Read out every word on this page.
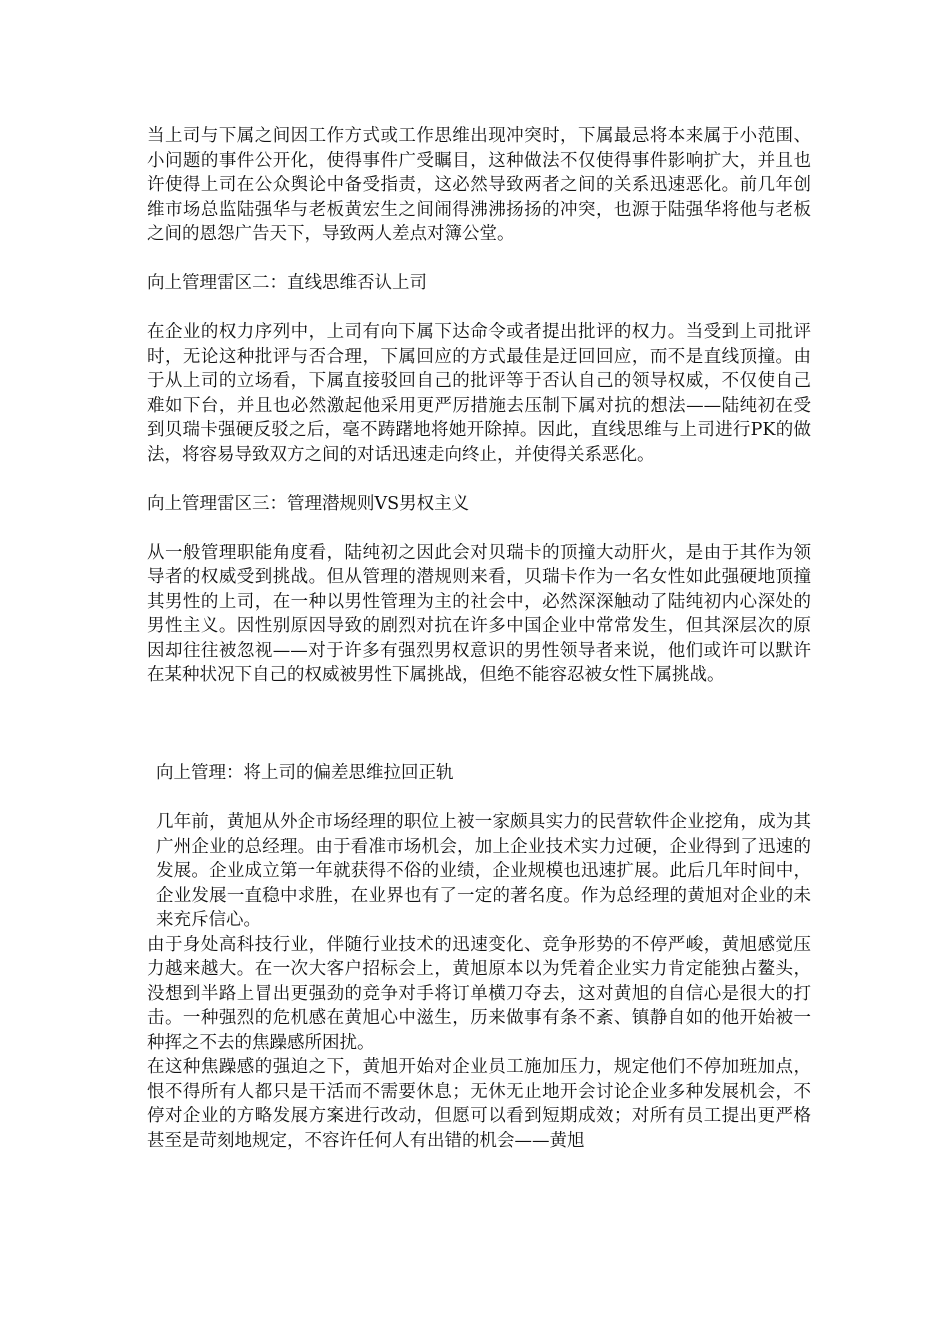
当上司与下属之间因工作方式或工作思维出现冲突时，下属最忌将本来属于小范围、小问题的事件公开化，使得事件广受瞩目，这种做法不仅使得事件影响扩大，并且也许使得上司在公众舆论中备受指责，这必然导致两者之间的关系迅速恶化。前几年创维市场总监陆强华与老板黄宏生之间闹得沸沸扬扬的冲突，也源于陆强华将他与老板之间的恩怨广告天下，导致两人差点对簿公堂。

向上管理雷区二：直线思维否认上司

在企业的权力序列中，上司有向下属下达命令或者提出批评的权力。当受到上司批评时，无论这种批评与否合理，下属回应的方式最佳是迂回回应，而不是直线顶撞。由于从上司的立场看，下属直接驳回自己的批评等于否认自己的领导权威，不仅使自己难如下台，并且也必然激起他采用更严厉措施去压制下属对抗的想法——陆纯初在受到贝瑞卡强硬反驳之后，毫不踌躇地将她开除掉。因此，直线思维与上司进行PK的做法，将容易导致双方之间的对话迅速走向终止，并使得关系恶化。

向上管理雷区三：管理潜规则VS男权主义

从一般管理职能角度看，陆纯初之因此会对贝瑞卡的顶撞大动肝火，是由于其作为领导者的权威受到挑战。但从管理的潜规则来看，贝瑞卡作为一名女性如此强硬地顶撞其男性的上司，在一种以男性管理为主的社会中，必然深深触动了陆纯初内心深处的男性主义。因性别原因导致的剧烈对抗在许多中国企业中常常发生，但其深层次的原因却往往被忽视——对于许多有强烈男权意识的男性领导者来说，他们或许可以默许在某种状况下自己的权威被男性下属挑战，但绝不能容忍被女性下属挑战。

向上管理：将上司的偏差思维拉回正轨

几年前，黄旭从外企市场经理的职位上被一家颇具实力的民营软件企业挖角，成为其广州企业的总经理。由于看准市场机会，加上企业技术实力过硬，企业得到了迅速的发展。企业成立第一年就获得不俗的业绩，企业规模也迅速扩展。此后几年时间中，企业发展一直稳中求胜，在业界也有了一定的著名度。作为总经理的黄旭对企业的未来充斥信心。

由于身处高科技行业，伴随行业技术的迅速变化、竞争形势的不停严峻，黄旭感觉压力越来越大。在一次大客户招标会上，黄旭原本以为凭着企业实力肯定能独占鳌头，没想到半路上冒出更强劲的竞争对手将订单横刀夺去，这对黄旭的自信心是很大的打击。一种强烈的危机感在黄旭心中滋生，历来做事有条不紊、镇静自如的他开始被一种挥之不去的焦躁感所困扰。

在这种焦躁感的强迫之下，黄旭开始对企业员工施加压力，规定他们不停加班加点，恨不得所有人都只是干活而不需要休息；无休无止地开会讨论企业多种发展机会，不停对企业的方略发展方案进行改动，但愿可以看到短期成效；对所有员工提出更严格甚至是苛刻地规定，不容许任何人有出错的机会——黄旭
